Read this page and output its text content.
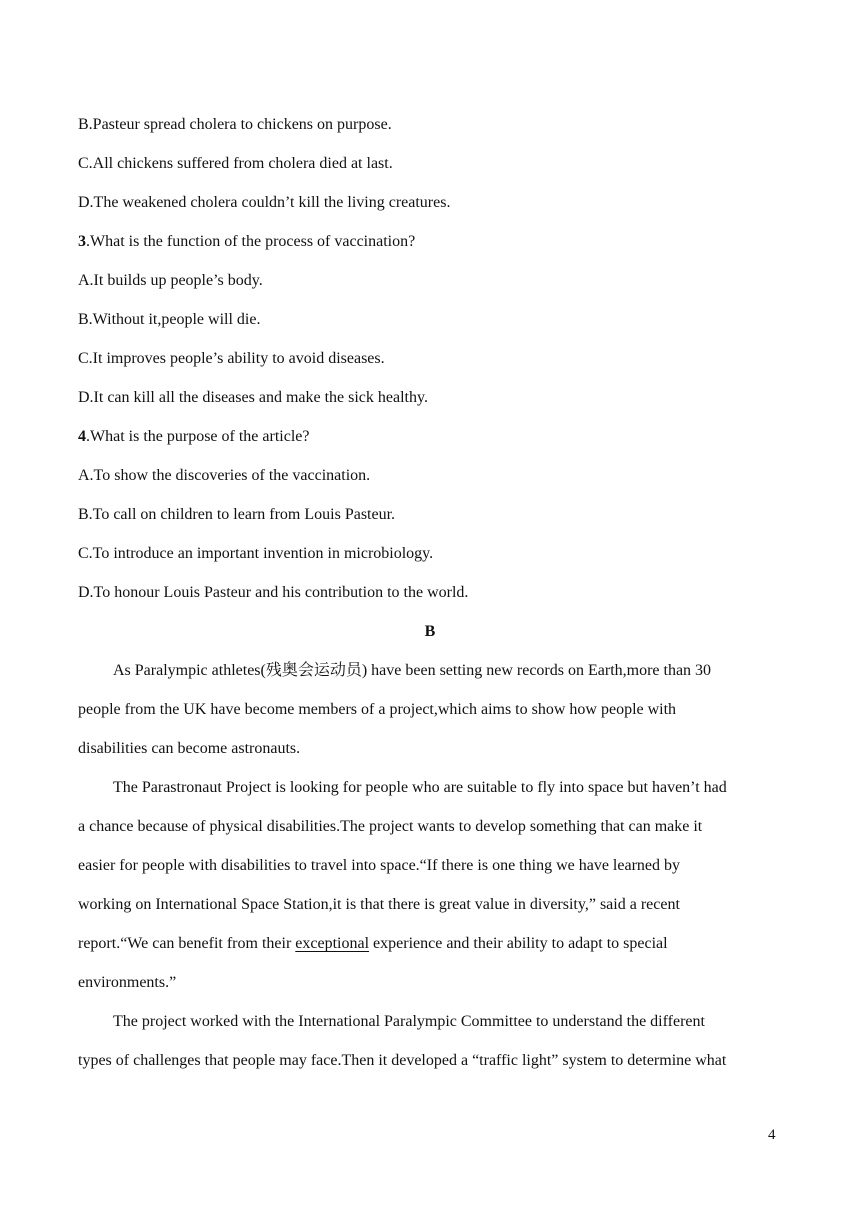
B.Pasteur spread cholera to chickens on purpose.
C.All chickens suffered from cholera died at last.
D.The weakened cholera couldn’t kill the living creatures.
3.What is the function of the process of vaccination?
A.It builds up people’s body.
B.Without it,people will die.
C.It improves people’s ability to avoid diseases.
D.It can kill all the diseases and make the sick healthy.
4.What is the purpose of the article?
A.To show the discoveries of the vaccination.
B.To call on children to learn from Louis Pasteur.
C.To introduce an important invention in microbiology.
D.To honour Louis Pasteur and his contribution to the world.
B
As Paralympic athletes(残奥会运动员) have been setting new records on Earth,more than 30
people from the UK have become members of a project,which aims to show how people with
disabilities can become astronauts.
The Parastronaut Project is looking for people who are suitable to fly into space but haven’t had
a chance because of physical disabilities.The project wants to develop something that can make it
easier for people with disabilities to travel into space.“If there is one thing we have learned by
working on International Space Station,it is that there is great value in diversity,” said a recent
report.“We can benefit from their exceptional experience and their ability to adapt to special
environments.”
The project worked with the International Paralympic Committee to understand the different
types of challenges that people may face.Then it developed a “traffic light” system to determine what
4
